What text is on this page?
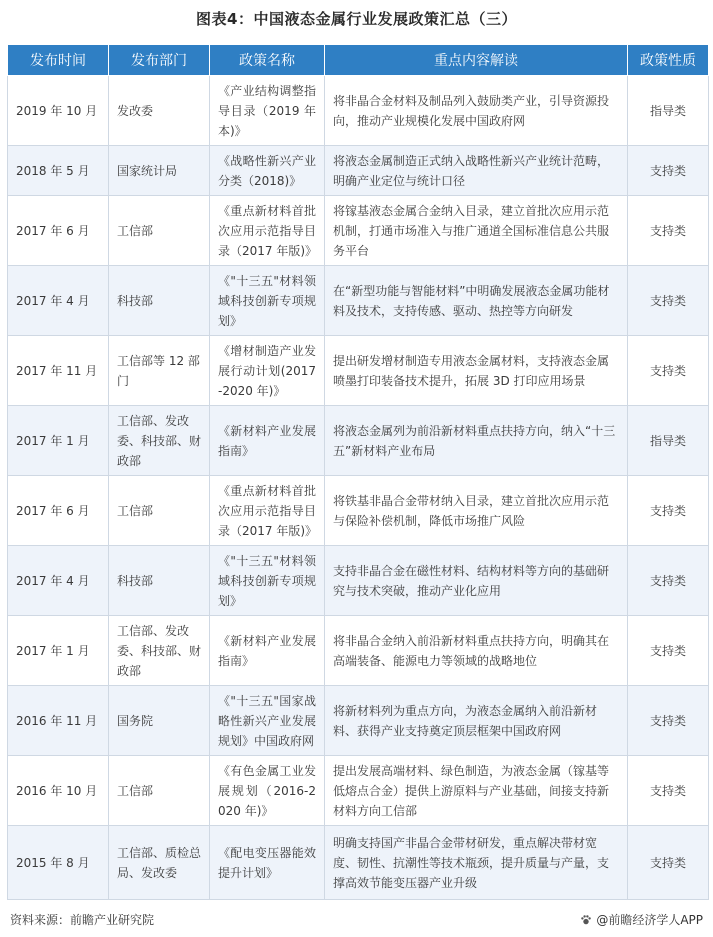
图表4：中国液态金属行业发展政策汇总（三）
发布时间	发布部门	政策名称	重点内容解读	政策性质
2019 年 10 月	发改委	《产业结构调整指导目录（2019 年本)》	将非晶合金材料及制品列入鼓励类产业，引导资源投向，推动产业规模化发展中国政府网	指导类
2018 年 5 月	国家统计局	《战略性新兴产业分类（2018)》	将液态金属制造正式纳入战略性新兴产业统计范畴，明确产业定位与统计口径	支持类
2017 年 6 月	工信部	《重点新材料首批次应用示范指导目录（2017 年版)》	将镓基液态金属合金纳入目录，建立首批次应用示范机制，打通市场准入与推广通道全国标准信息公共服务平台	支持类
2017 年 4 月	科技部	《"十三五"材料领域科技创新专项规划》	在“新型功能与智能材料”中明确发展液态金属功能材料及技术，支持传感、驱动、热控等方向研发	支持类
2017 年 11 月	工信部等 12 部门	《增材制造产业发展行动计划(2017-2020 年)》	提出研发增材制造专用液态金属材料，支持液态金属喷墨打印装备技术提升，拓展 3D 打印应用场景	支持类
2017 年 1 月	工信部、发改委、科技部、财政部	《新材料产业发展指南》	将液态金属列为前沿新材料重点扶持方向，纳入“十三五”新材料产业布局	指导类
2017 年 6 月	工信部	《重点新材料首批次应用示范指导目录（2017 年版)》	将铁基非晶合金带材纳入目录，建立首批次应用示范与保险补偿机制，降低市场推广风险	支持类
2017 年 4 月	科技部	《"十三五"材料领域科技创新专项规划》	支持非晶合金在磁性材料、结构材料等方向的基础研究与技术突破，推动产业化应用	支持类
2017 年 1 月	工信部、发改委、科技部、财政部	《新材料产业发展指南》	将非晶合金纳入前沿新材料重点扶持方向，明确其在高端装备、能源电力等领域的战略地位	支持类
2016 年 11 月	国务院	《"十三五"国家战略性新兴产业发展规划》中国政府网	将新材料列为重点方向，为液态金属纳入前沿新材料、获得产业支持奠定顶层框架中国政府网	支持类
2016 年 10 月	工信部	《有色金属工业发展规划（2016-2020 年)》	提出发展高端材料、绿色制造，为液态金属（镓基等低熔点合金）提供上游原料与产业基础，间接支持新材料方向工信部	支持类
2015 年 8 月	工信部、质检总局、发改委	《配电变压器能效提升计划》	明确支持国产非晶合金带材研发，重点解决带材宽度、韧性、抗潮性等技术瓶颈，提升质量与产量，支撑高效节能变压器产业升级	支持类
资料来源：前瞻产业研究院	@前瞻经济学人APP
